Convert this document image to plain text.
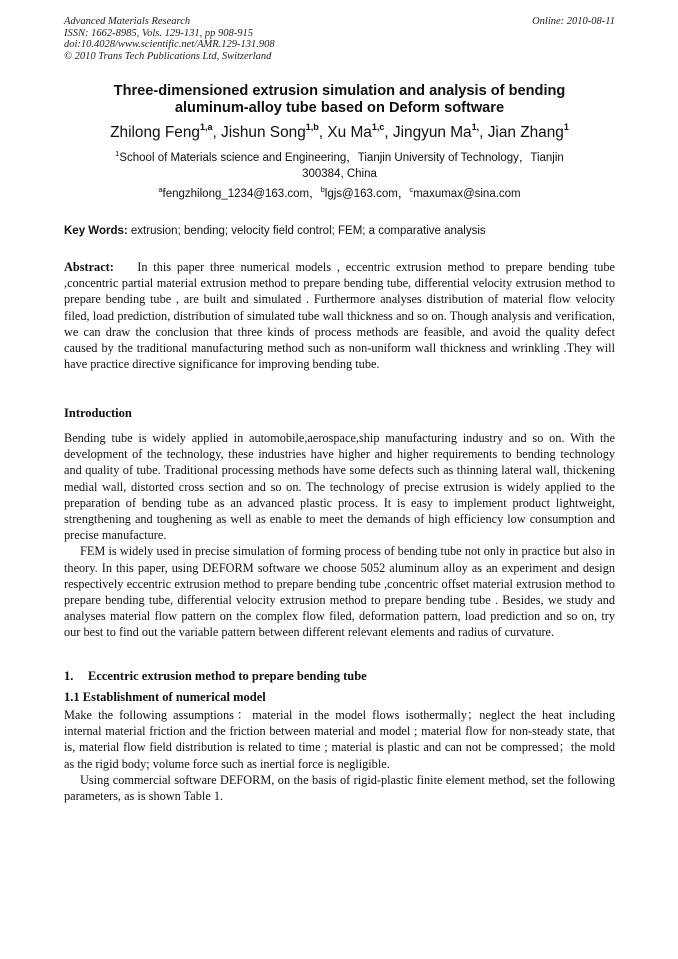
Advanced Materials Research
ISSN: 1662-8985, Vols. 129-131, pp 908-915
doi:10.4028/www.scientific.net/AMR.129-131.908
© 2010 Trans Tech Publications Ltd, Switzerland
Online: 2010-08-11
Three-dimensioned extrusion simulation and analysis of bending
aluminum-alloy tube based on Deform software
Zhilong Feng$^{1,a}$, Jishun Song$^{1,b}$, Xu Ma$^{1,c}$, Jingyun $Ma^{1,}$, Jian Zhang$^1$
$^1$School of Materials science and Engineering，Tianjin University of Technology，Tianjin
300384, China
$^a$fengzhilong_1234@163.com，$^b$lgjs@163.com，$^c$maxumax@sina.com
Key Words: extrusion; bending; velocity field control; FEM; a comparative analysis

Abstract: In this paper three numerical models , eccentric extrusion method to prepare bending tube ,concentric partial material extrusion method to prepare bending tube, differential velocity extrusion method to prepare bending tube , are built and simulated . Furthermore analyses distribution of material flow velocity filed, load prediction, distribution of simulated tube wall thickness and so on. Though analysis and verification, we can draw the conclusion that three kinds of process methods are feasible, and avoid the quality defect caused by the traditional manufacturing method such as non-uniform wall thickness and wrinkling .They will have practice directive significance for improving bending tube.

Introduction

Bending tube is widely applied in automobile,aerospace,ship manufacturing industry and so on. With the development of the technology, these industries have higher and higher requirements to bending technology and quality of tube. Traditional processing methods have some defects such as thinning lateral wall, thickening medial wall, distorted cross section and so on. The technology of precise extrusion is widely applied to the preparation of bending tube as an advanced plastic process. It is easy to implement product lightweight, strengthening and toughening as well as enable to meet the demands of high efficiency low consumption and precise manufacture.

FEM is widely used in precise simulation of forming process of bending tube not only in practice but also in theory. In this paper, using DEFORM software we choose 5052 aluminum alloy as an experiment and design respectively eccentric extrusion method to prepare bending tube ,concentric offset material extrusion method to prepare bending tube, differential velocity extrusion method to prepare bending tube . Besides, we study and analyses material flow pattern on the complex flow filed, deformation pattern, load prediction and so on, try our best to find out the variable pattern between different relevant elements and radius of curvature.

1. Eccentric extrusion method to prepare bending tube
1.1 Establishment of numerical model

Make the following assumptions：material in the model flows isothermally；neglect the heat including internal material friction and the friction between material and model ; material flow for non-steady state, that is, material flow field distribution is related to time ; material is plastic and can not be compressed；the mold as the rigid body; volume force such as inertial force is negligible.

Using commercial software DEFORM, on the basis of rigid-plastic finite element method, set the following parameters, as is shown Table 1.
